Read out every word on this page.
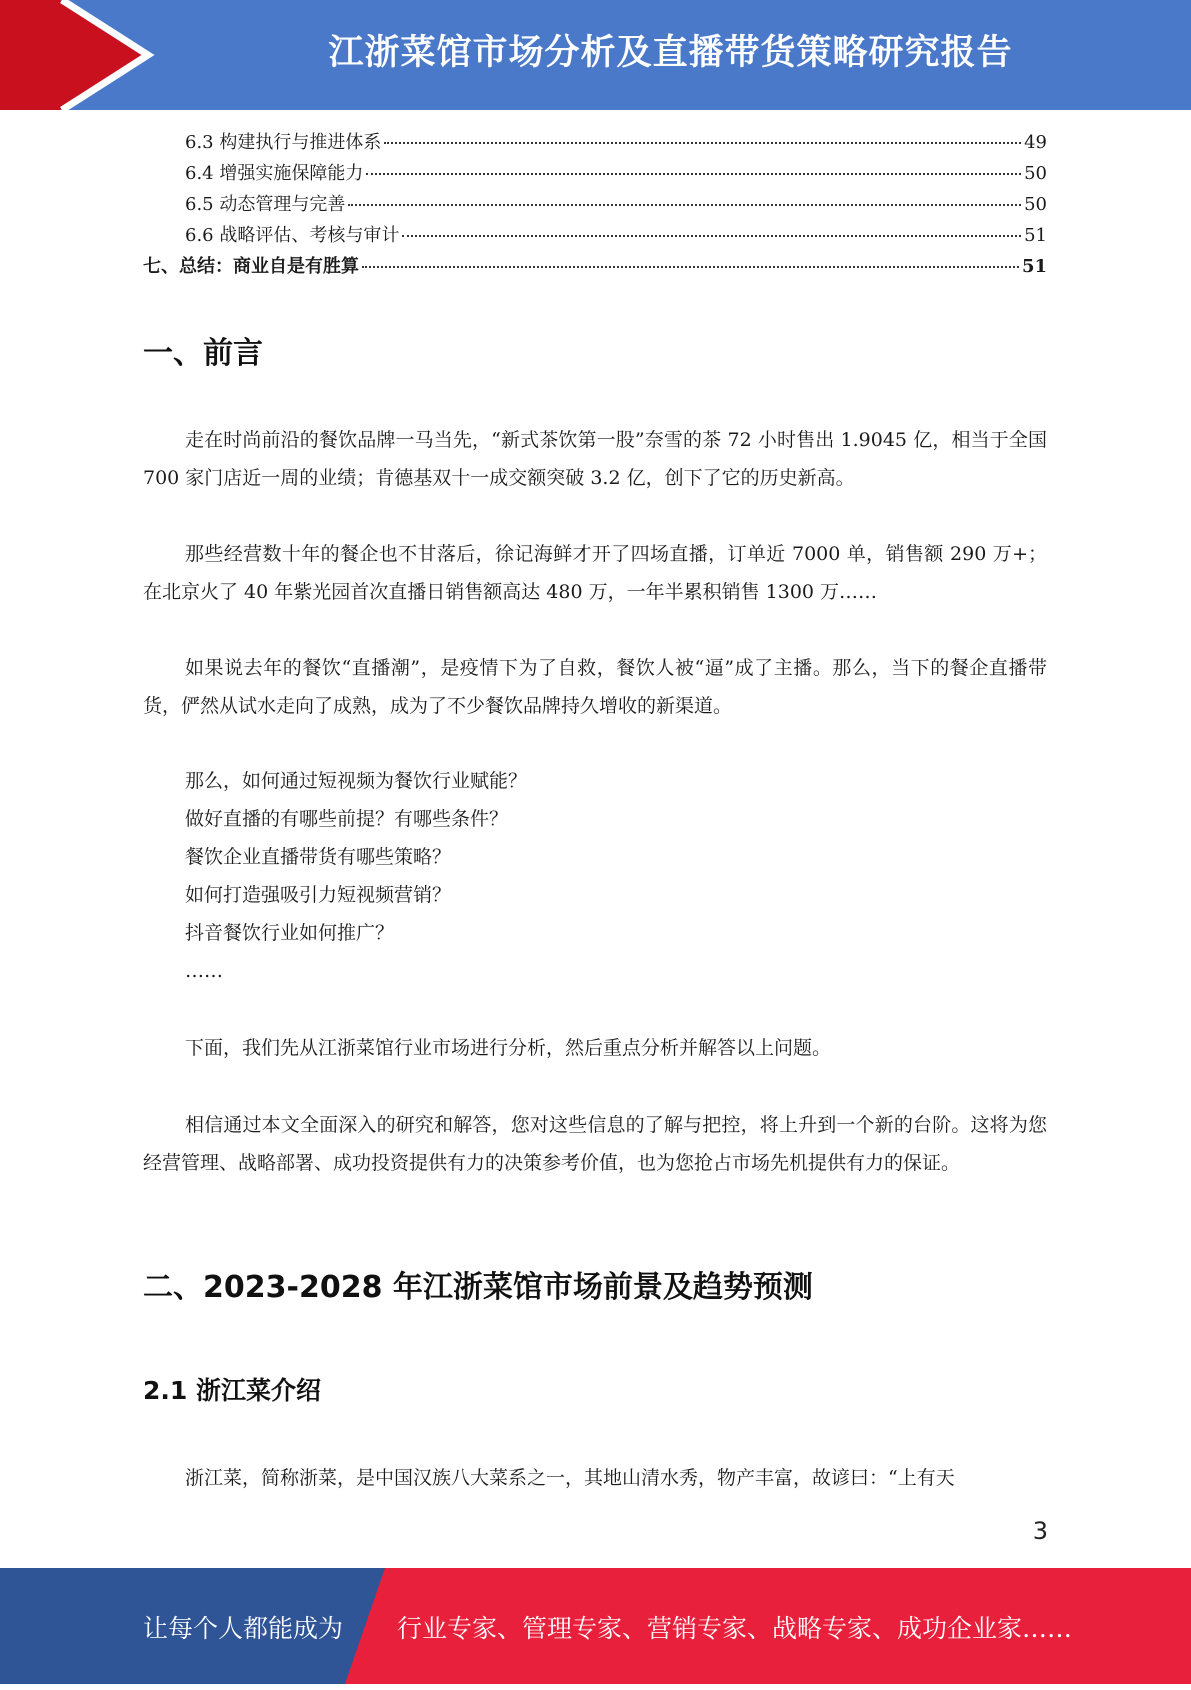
江浙菜馆市场分析及直播带货策略研究报告
6.3 构建执行与推进体系	49
6.4 增强实施保障能力	50
6.5 动态管理与完善	50
6.6 战略评估、考核与审计	51
七、总结：商业自是有胜算	51
一、前言

走在时尚前沿的餐饮品牌一马当先，“新式茶饮第一股”奈雪的茶 72 小时售出 1.9045 亿，相当于全国 700 家门店近一周的业绩；肯德基双十一成交额突破 3.2 亿，创下了它的历史新高。

那些经营数十年的餐企也不甘落后，徐记海鲜才开了四场直播，订单近 7000 单，销售额 290 万+；在北京火了 40 年紫光园首次直播日销售额高达 480 万，一年半累积销售 1300 万……

如果说去年的餐饮“直播潮”，是疫情下为了自救，餐饮人被“逼”成了主播。那么，当下的餐企直播带货，俨然从试水走向了成熟，成为了不少餐饮品牌持久增收的新渠道。

那么，如何通过短视频为餐饮行业赋能？
做好直播的有哪些前提？有哪些条件？
餐饮企业直播带货有哪些策略？
如何打造强吸引力短视频营销？
抖音餐饮行业如何推广？
……

下面，我们先从江浙菜馆行业市场进行分析，然后重点分析并解答以上问题。

相信通过本文全面深入的研究和解答，您对这些信息的了解与把控，将上升到一个新的台阶。这将为您经营管理、战略部署、成功投资提供有力的决策参考价值，也为您抢占市场先机提供有力的保证。

二、2023-2028 年江浙菜馆市场前景及趋势预测
2.1 浙江菜介绍

浙江菜，简称浙菜，是中国汉族八大菜系之一，其地山清水秀，物产丰富，故谚曰：“上有天

3
让每个人都能成为 行业专家、管理专家、营销专家、战略专家、成功企业家……
